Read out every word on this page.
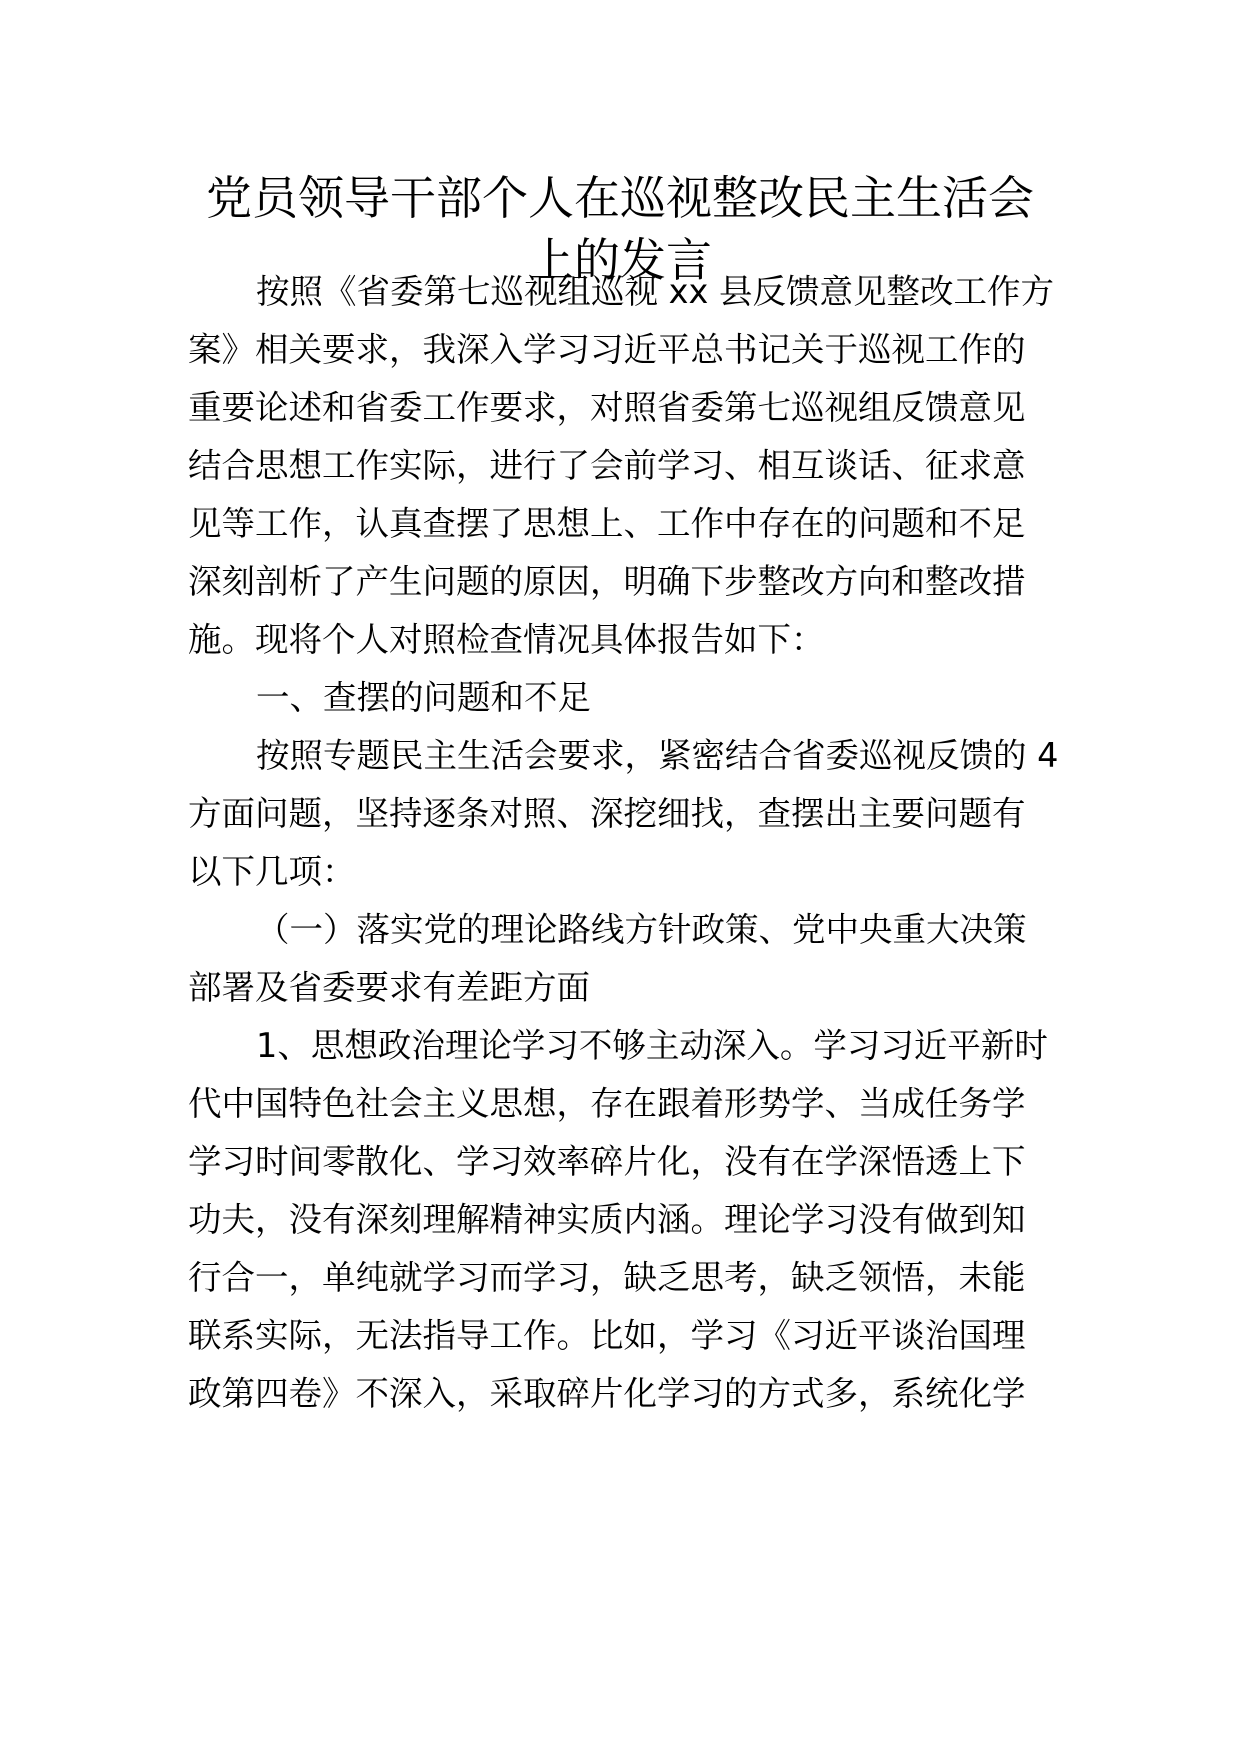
党员领导干部个人在巡视整改民主生活会
上的发言
按照《省委第七巡视组巡视 xx 县反馈意见整改工作方
案》相关要求，我深入学习习近平总书记关于巡视工作的
重要论述和省委工作要求，对照省委第七巡视组反馈意见
结合思想工作实际，进行了会前学习、相互谈话、征求意
见等工作，认真查摆了思想上、工作中存在的问题和不足
深刻剖析了产生问题的原因，明确下步整改方向和整改措
施。现将个人对照检查情况具体报告如下：
一、查摆的问题和不足
按照专题民主生活会要求，紧密结合省委巡视反馈的 4
方面问题，坚持逐条对照、深挖细找，查摆出主要问题有
以下几项：
（一）落实党的理论路线方针政策、党中央重大决策
部署及省委要求有差距方面
1、思想政治理论学习不够主动深入。学习习近平新时
代中国特色社会主义思想，存在跟着形势学、当成任务学
学习时间零散化、学习效率碎片化，没有在学深悟透上下
功夫，没有深刻理解精神实质内涵。理论学习没有做到知
行合一，单纯就学习而学习，缺乏思考，缺乏领悟，未能
联系实际，无法指导工作。比如，学习《习近平谈治国理
政第四卷》不深入，采取碎片化学习的方式多，系统化学
